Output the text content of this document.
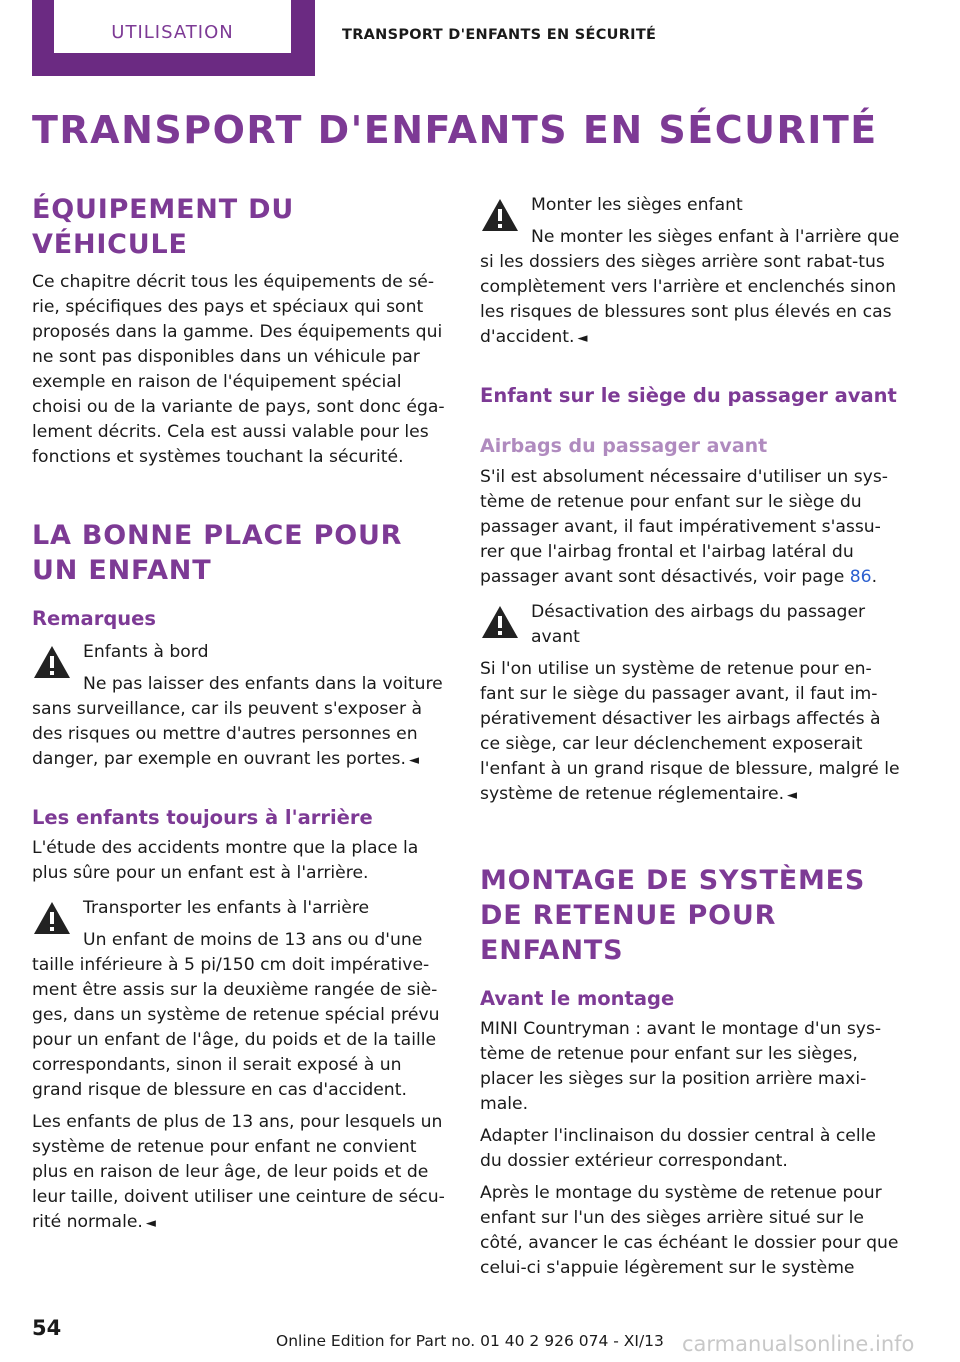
UTILISATION	TRANSPORT D'ENFANTS EN SÉCURITÉ
TRANSPORT D'ENFANTS EN SÉCURITÉ
ÉQUIPEMENT DU VÉHICULE
Ce chapitre décrit tous les équipements de sé‐rie, spécifiques des pays et spéciaux qui sont proposés dans la gamme. Des équipements qui ne sont pas disponibles dans un véhicule par exemple en raison de l'équipement spécial choisi ou de la variante de pays, sont donc éga‐lement décrits. Cela est aussi valable pour les fonctions et systèmes touchant la sécurité.
LA BONNE PLACE POUR UN ENFANT
Remarques
Enfants à bord
Ne pas laisser des enfants dans la voiture sans surveillance, car ils peuvent s'exposer à des risques ou mettre d'autres personnes en danger, par exemple en ouvrant les portes. ◄
Les enfants toujours à l'arrière
L'étude des accidents montre que la place la plus sûre pour un enfant est à l'arrière.
Transporter les enfants à l'arrière
Un enfant de moins de 13 ans ou d'une taille inférieure à 5 pi/150 cm doit impérative‐ment être assis sur la deuxième rangée de siè‐ges, dans un système de retenue spécial prévu pour un enfant de l'âge, du poids et de la taille correspondants, sinon il serait exposé à un grand risque de blessure en cas d'accident.
Les enfants de plus de 13 ans, pour lesquels un système de retenue pour enfant ne convient plus en raison de leur âge, de leur poids et de leur taille, doivent utiliser une ceinture de sécu‐rité normale. ◄
Monter les sièges enfant
Ne monter les sièges enfant à l'arrière que si les dossiers des sièges arrière sont rabat‐tus complètement vers l'arrière et enclenchés sinon les risques de blessures sont plus élevés en cas d'accident. ◄
Enfant sur le siège du passager avant
Airbags du passager avant
S'il est absolument nécessaire d'utiliser un sys‐tème de retenue pour enfant sur le siège du passager avant, il faut impérativement s'assu‐rer que l'airbag frontal et l'airbag latéral du passager avant sont désactivés, voir page 86.
Désactivation des airbags du passager avant
Si l'on utilise un système de retenue pour en‐fant sur le siège du passager avant, il faut im‐pérativement désactiver les airbags affectés à ce siège, car leur déclenchement exposerait l'enfant à un grand risque de blessure, malgré le système de retenue réglementaire. ◄
MONTAGE DE SYSTÈMES DE RETENUE POUR ENFANTS
Avant le montage
MINI Countryman : avant le montage d'un sys‐tème de retenue pour enfant sur les sièges, placer les sièges sur la position arrière maxi‐male.
Adapter l'inclinaison du dossier central à celle du dossier extérieur correspondant.
Après le montage du système de retenue pour enfant sur l'un des sièges arrière situé sur le côté, avancer le cas échéant le dossier pour que celui-ci s'appuie légèrement sur le système
54
Online Edition for Part no. 01 40 2 926 074 - XI/13 carmanualsonline.info
